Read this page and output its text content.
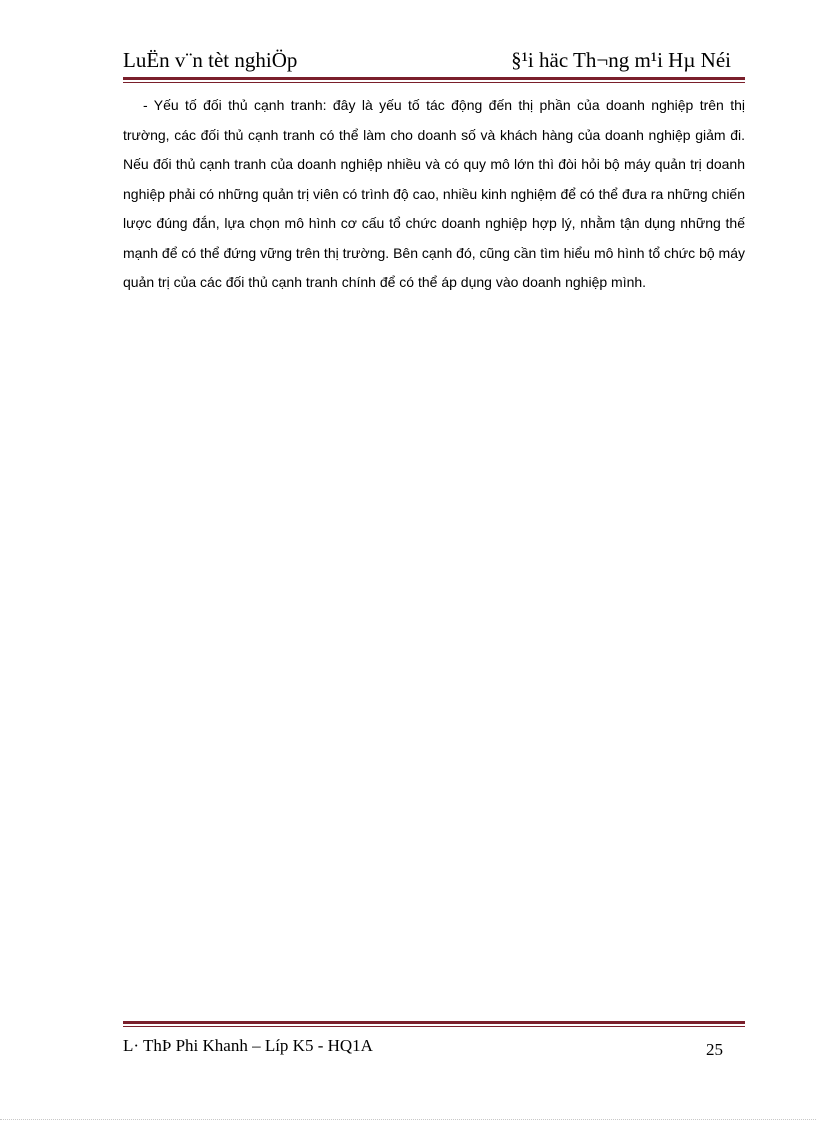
LuËn v¨n tèt nghiÖp	§¹i häc Th¬ng m¹i Hµ Néi

- Yếu tố đối thủ cạnh tranh: đây là yếu tố tác động đến thị phần của doanh nghiệp trên thị trường, các đối thủ cạnh tranh có thể làm cho doanh số và khách hàng của doanh nghiệp giảm đi. Nếu đối thủ cạnh tranh của doanh nghiệp nhiều và có quy mô lớn thì đòi hỏi bộ máy quản trị doanh nghiệp phải có những quản trị viên có trình độ cao, nhiều kinh nghiệm để có thể đưa ra những chiến lược đúng đắn, lựa chọn mô hình cơ cấu tổ chức doanh nghiệp hợp lý, nhằm tận dụng những thế mạnh để có thể đứng vững trên thị trường. Bên cạnh đó, cũng cần tìm hiểu mô hình tổ chức bộ máy quản trị của các đối thủ cạnh tranh chính để có thể áp dụng vào doanh nghiệp mình.

L· ThÞ Phi Khanh – Líp K5 - HQ1A	25
